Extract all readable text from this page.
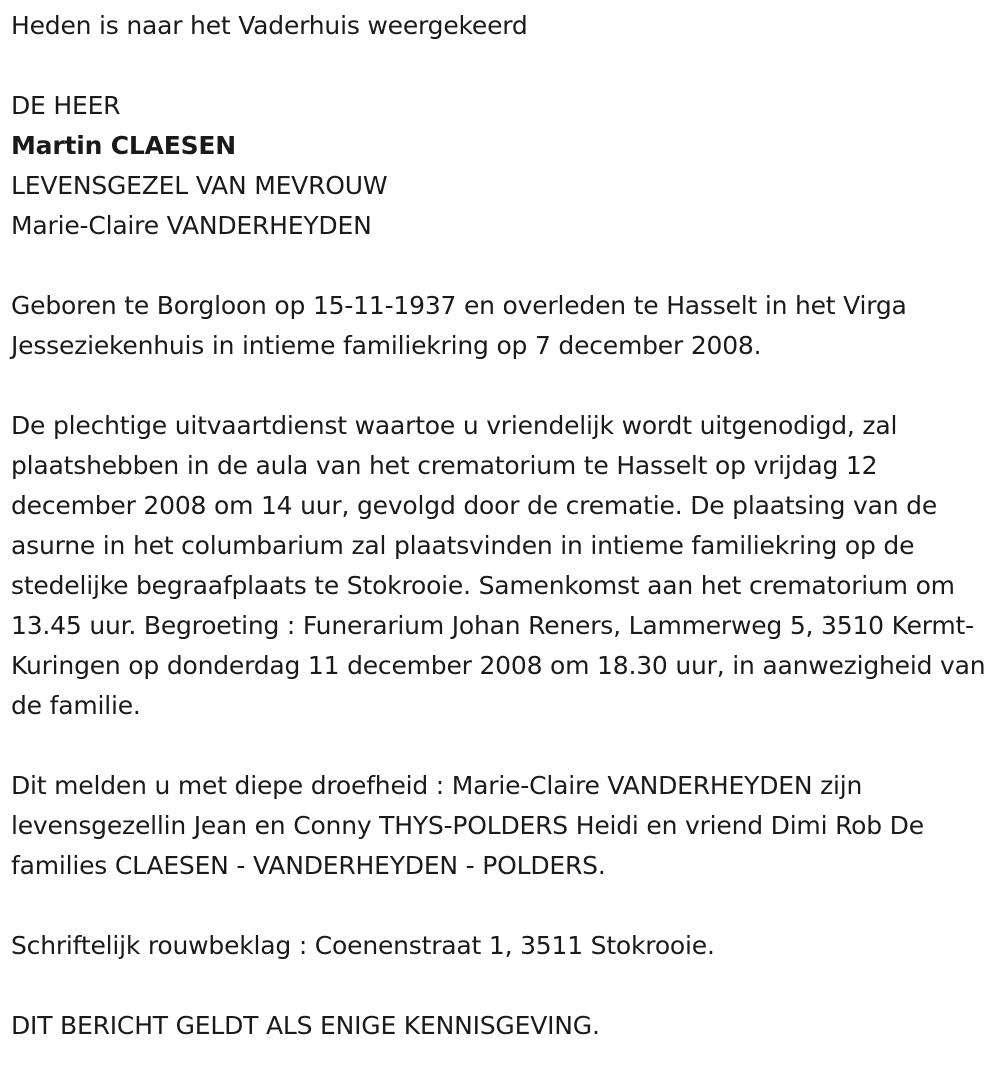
Heden is naar het Vaderhuis weergekeerd

DE HEER

Martin CLAESEN

LEVENSGEZEL VAN MEVROUW

Marie-Claire VANDERHEYDEN

Geboren te Borgloon op 15-11-1937 en overleden te Hasselt in het Virga Jesseziekenhuis in intieme familiekring op 7 december 2008.

De plechtige uitvaartdienst waartoe u vriendelijk wordt uitgenodigd, zal plaatshebben in de aula van het crematorium te Hasselt op vrijdag 12 december 2008 om 14 uur, gevolgd door de crematie. De plaatsing van de asurne in het columbarium zal plaatsvinden in intieme familiekring op de stedelijke begraafplaats te Stokrooie. Samenkomst aan het crematorium om 13.45 uur. Begroeting : Funerarium Johan Reners, Lammerweg 5, 3510 Kermt-Kuringen op donderdag 11 december 2008 om 18.30 uur, in aanwezigheid van de familie.

Dit melden u met diepe droefheid : Marie-Claire VANDERHEYDEN zijn levensgezellin Jean en Conny THYS-POLDERS Heidi en vriend Dimi Rob De families CLAESEN - VANDERHEYDEN - POLDERS.

Schriftelijk rouwbeklag : Coenenstraat 1, 3511 Stokrooie.

DIT BERICHT GELDT ALS ENIGE KENNISGEVING.
